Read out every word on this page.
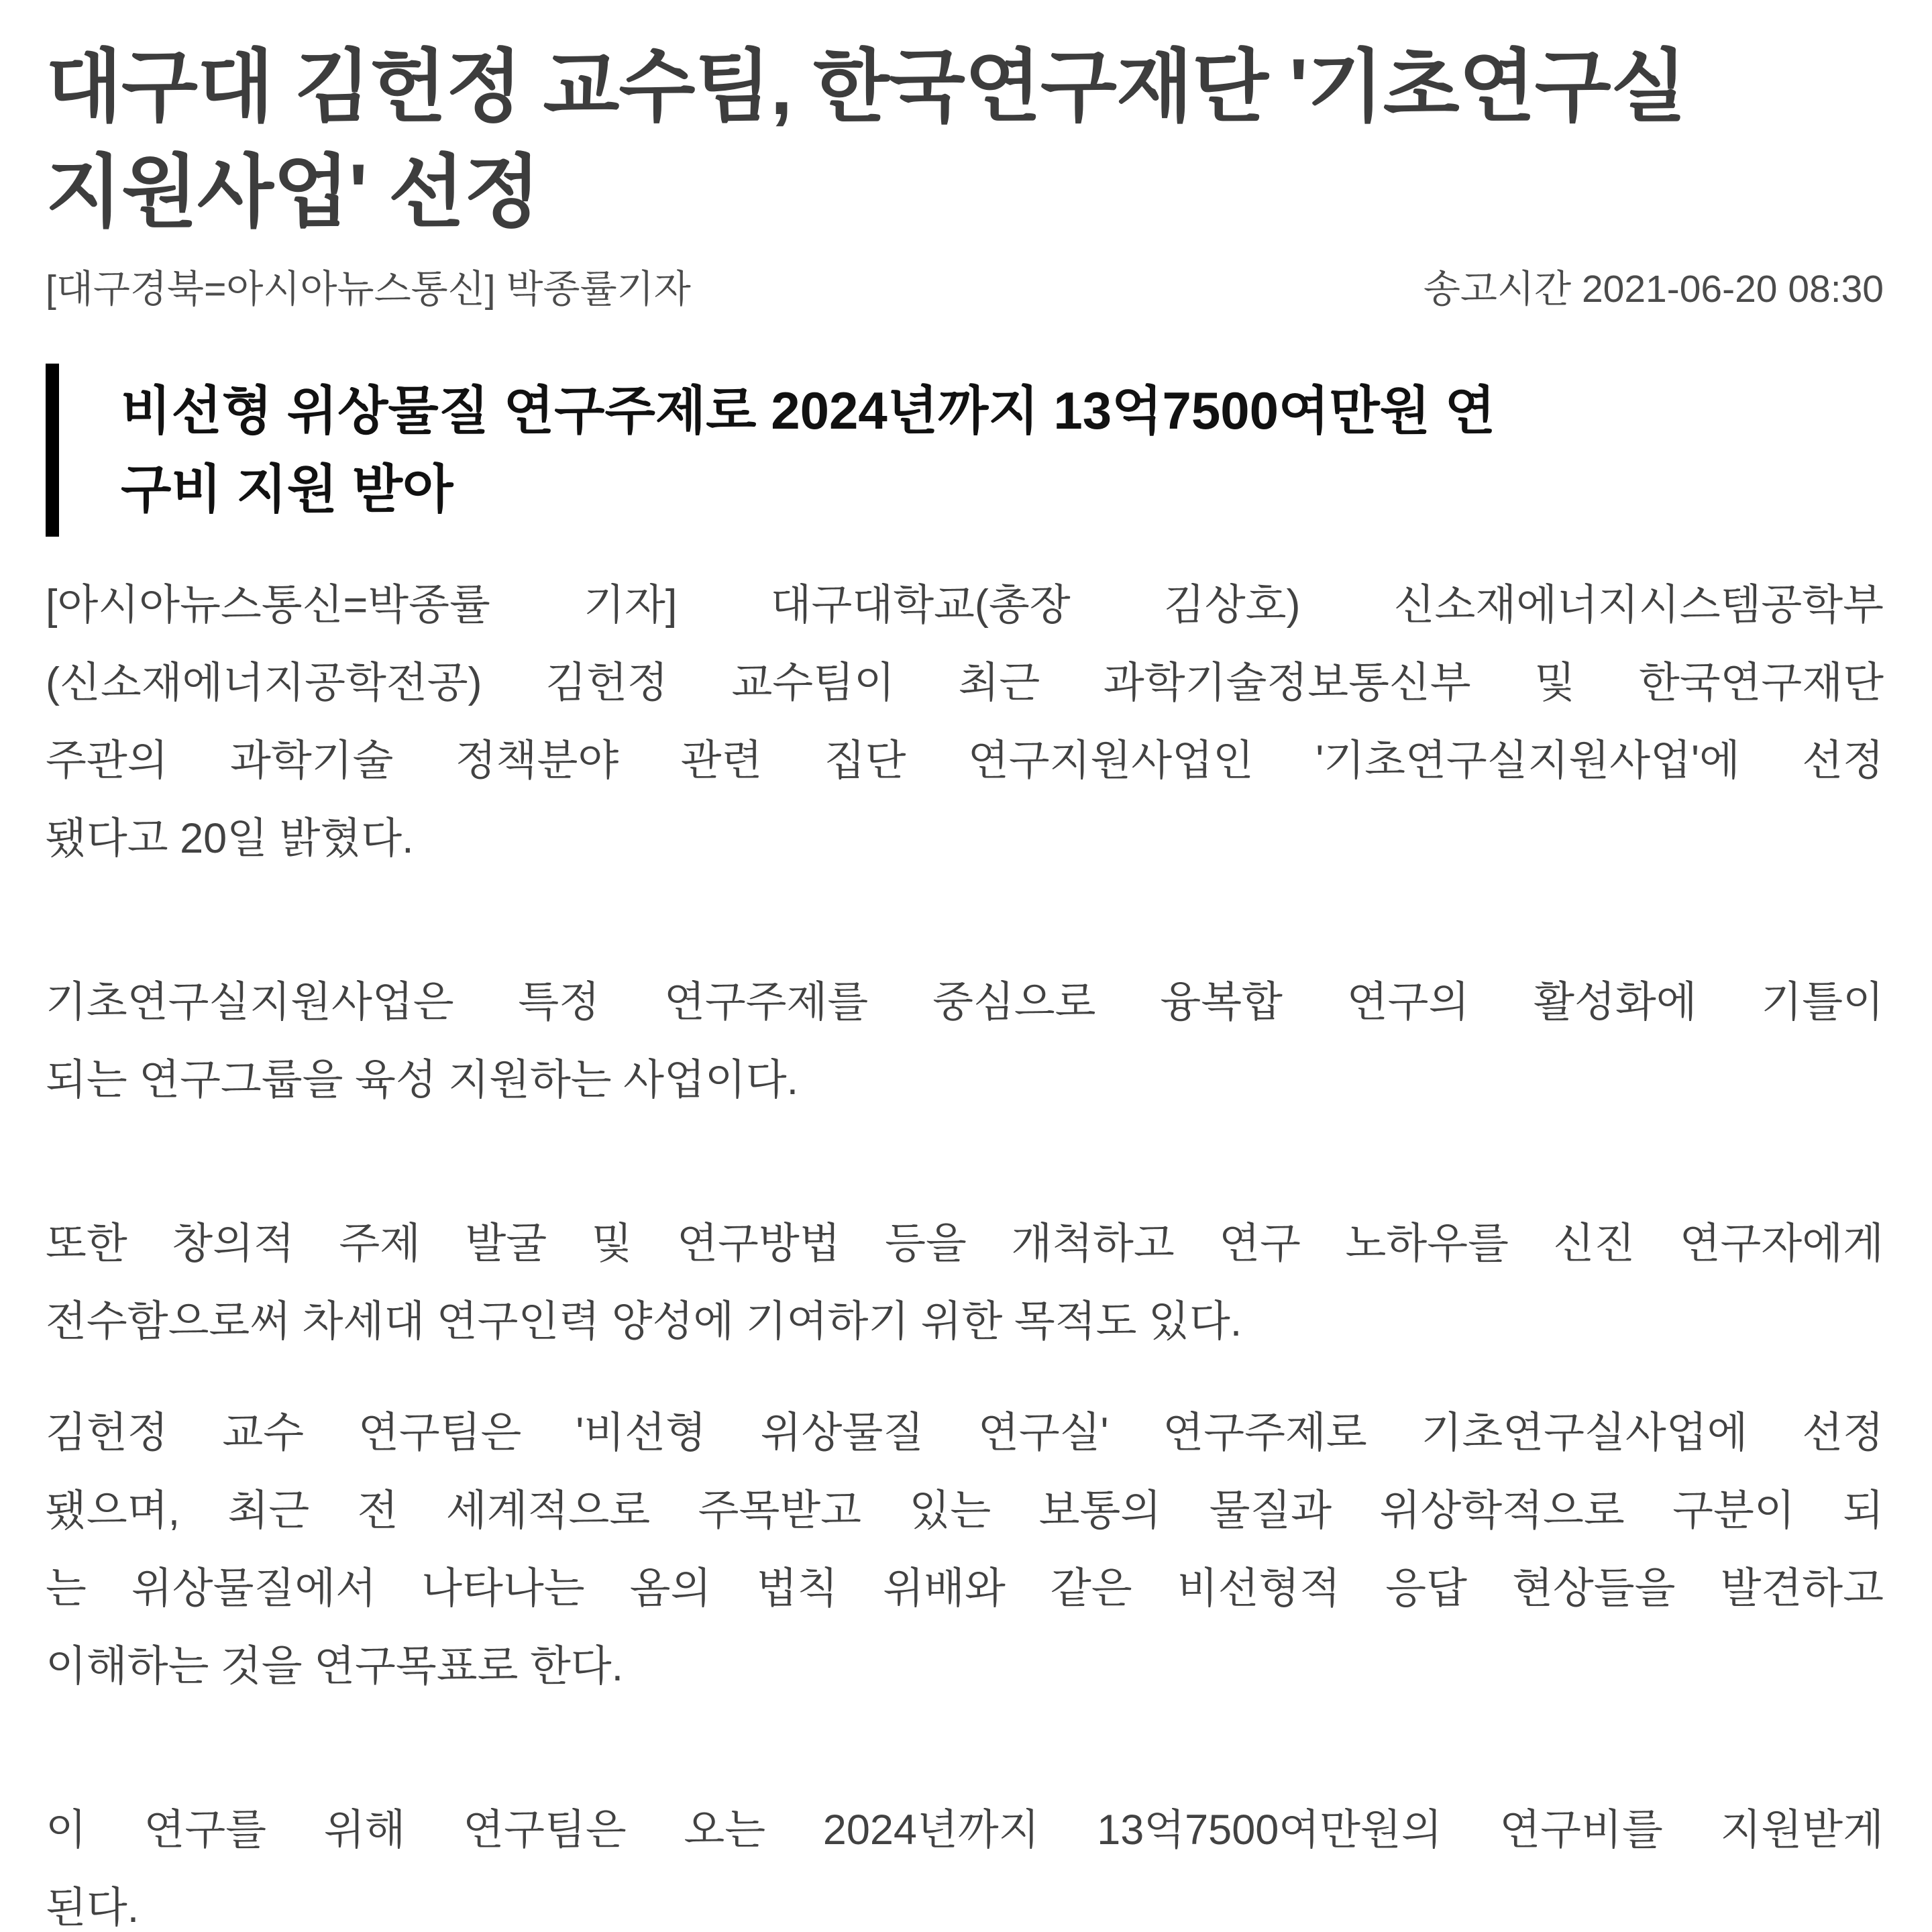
대구대 김헌정 교수팀, 한국연구재단 '기초연구실
지원사업' 선정
[대구경북=아시아뉴스통신] 박종률기자	송고시간 2021-06-20 08:30
비선형 위상물질 연구주제로 2024년까지 13억7500여만원 연
구비 지원 받아

[아시아뉴스통신=박종률 기자] 대구대학교(총장 김상호) 신소재에너지시스템공학부
(신소재에너지공학전공) 김헌정 교수팀이 최근 과학기술정보통신부 및 한국연구재단
주관의 과학기술 정책분야 관련 집단 연구지원사업인 '기초연구실지원사업'에 선정
됐다고 20일 밝혔다.

기초연구실지원사업은 특정 연구주제를 중심으로 융복합 연구의 활성화에 기틀이
되는 연구그룹을 육성 지원하는 사업이다.

또한 창의적 주제 발굴 및 연구방법 등을 개척하고 연구 노하우를 신진 연구자에게
전수함으로써 차세대 연구인력 양성에 기여하기 위한 목적도 있다.

김헌정 교수 연구팀은 '비선형 위상물질 연구실' 연구주제로 기초연구실사업에 선정
됐으며, 최근 전 세계적으로 주목받고 있는 보통의 물질과 위상학적으로 구분이 되
는 위상물질에서 나타나는 옴의 법칙 위배와 같은 비선형적 응답 현상들을 발견하고
이해하는 것을 연구목표로 한다.

이 연구를 위해 연구팀은 오는 2024년까지 13억7500여만원의 연구비를 지원받게
된다.
